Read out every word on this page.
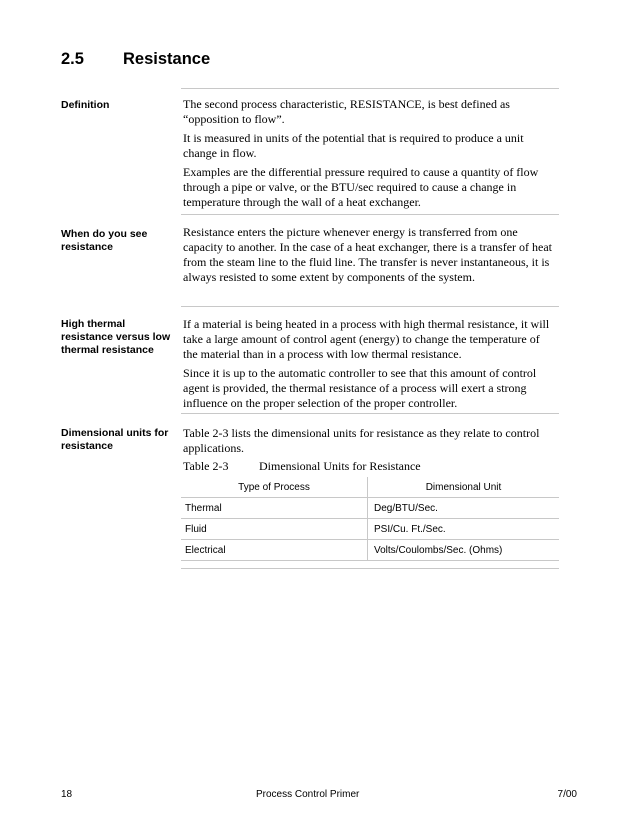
2.5 Resistance
Definition	The second process characteristic, RESISTANCE, is best defined as “opposition to flow”.

It is measured in units of the potential that is required to produce a unit change in flow.

Examples are the differential pressure required to cause a quantity of flow through a pipe or valve, or the BTU/sec required to cause a change in temperature through the wall of a heat exchanger.

When do you see resistance

Resistance enters the picture whenever energy is transferred from one capacity to another. In the case of a heat exchanger, there is a transfer of heat from the steam line to the fluid line. The transfer is never instantaneous, it is always resisted to some extent by components of the system.

High thermal resistance versus low thermal resistance

If a material is being heated in a process with high thermal resistance, it will take a large amount of control agent (energy) to change the temperature of the material than in a process with low thermal resistance.

Since it is up to the automatic controller to see that this amount of control agent is provided, the thermal resistance of a process will exert a strong influence on the proper selection of the proper controller.

Dimensional units for resistance

Table 2-3 lists the dimensional units for resistance as they relate to control applications.

Table 2-3	Dimensional Units for Resistance
Type of Process	Dimensional Unit
Thermal	Deg/BTU/Sec.
Fluid	PSI/Cu. Ft./Sec.
Electrical	Volts/Coulombs/Sec. (Ohms)
18	Process Control Primer	7/00
